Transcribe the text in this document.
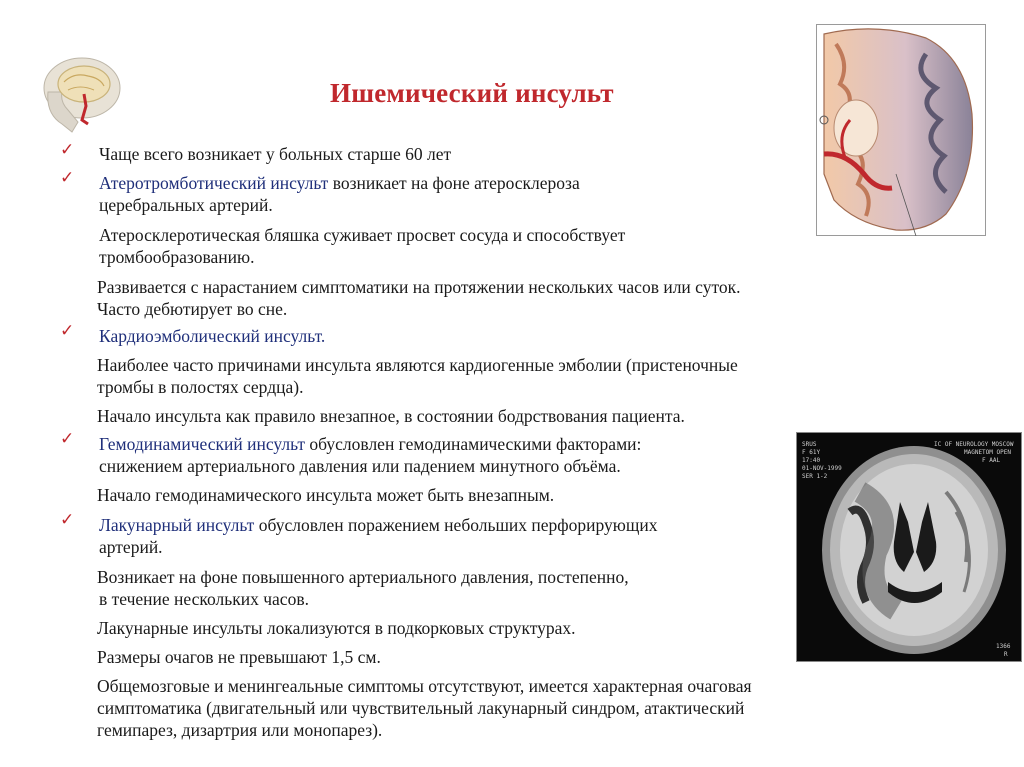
Ишемический инсульт
SRUS
F 61Y
17:40
01-NOV-1999
SER 1-2
IC OF NEUROLOGY MOSCOW
MAGNETOM OPEN
F AAL
1366
R
✓
✓
✓
✓
✓
Чаще всего возникает у больных старше 60 лет
Атеротромботический инсульт возникает на фоне атеросклероза
церебральных артерий.
Атеросклеротическая бляшка суживает просвет сосуда и способствует
тромбообразованию.
Развивается с нарастанием симптоматики на протяжении нескольких часов или суток.
Часто дебютирует во сне.
Кардиоэмболический инсульт.
Наиболее часто причинами инсульта являются кардиогенные эмболии (пристеночные
тромбы в полостях сердца).
Начало инсульта как правило внезапное, в состоянии бодрствования пациента.
Гемодинамический инсульт обусловлен гемодинамическими факторами:
снижением артериального давления или падением минутного объёма.
Начало гемодинамического инсульта может быть внезапным.
Лакунарный инсульт обусловлен поражением небольших перфорирующих
артерий.
Возникает на фоне повышенного артериального давления, постепенно,
в течение нескольких часов.
Лакунарные инсульты локализуются в подкорковых структурах.
Размеры очагов не превышают 1,5 см.
Общемозговые и менингеальные симптомы отсутствуют, имеется характерная очаговая
симптоматика (двигательный или чувствительный лакунарный синдром, атактический
гемипарез, дизартрия или монопарез).
